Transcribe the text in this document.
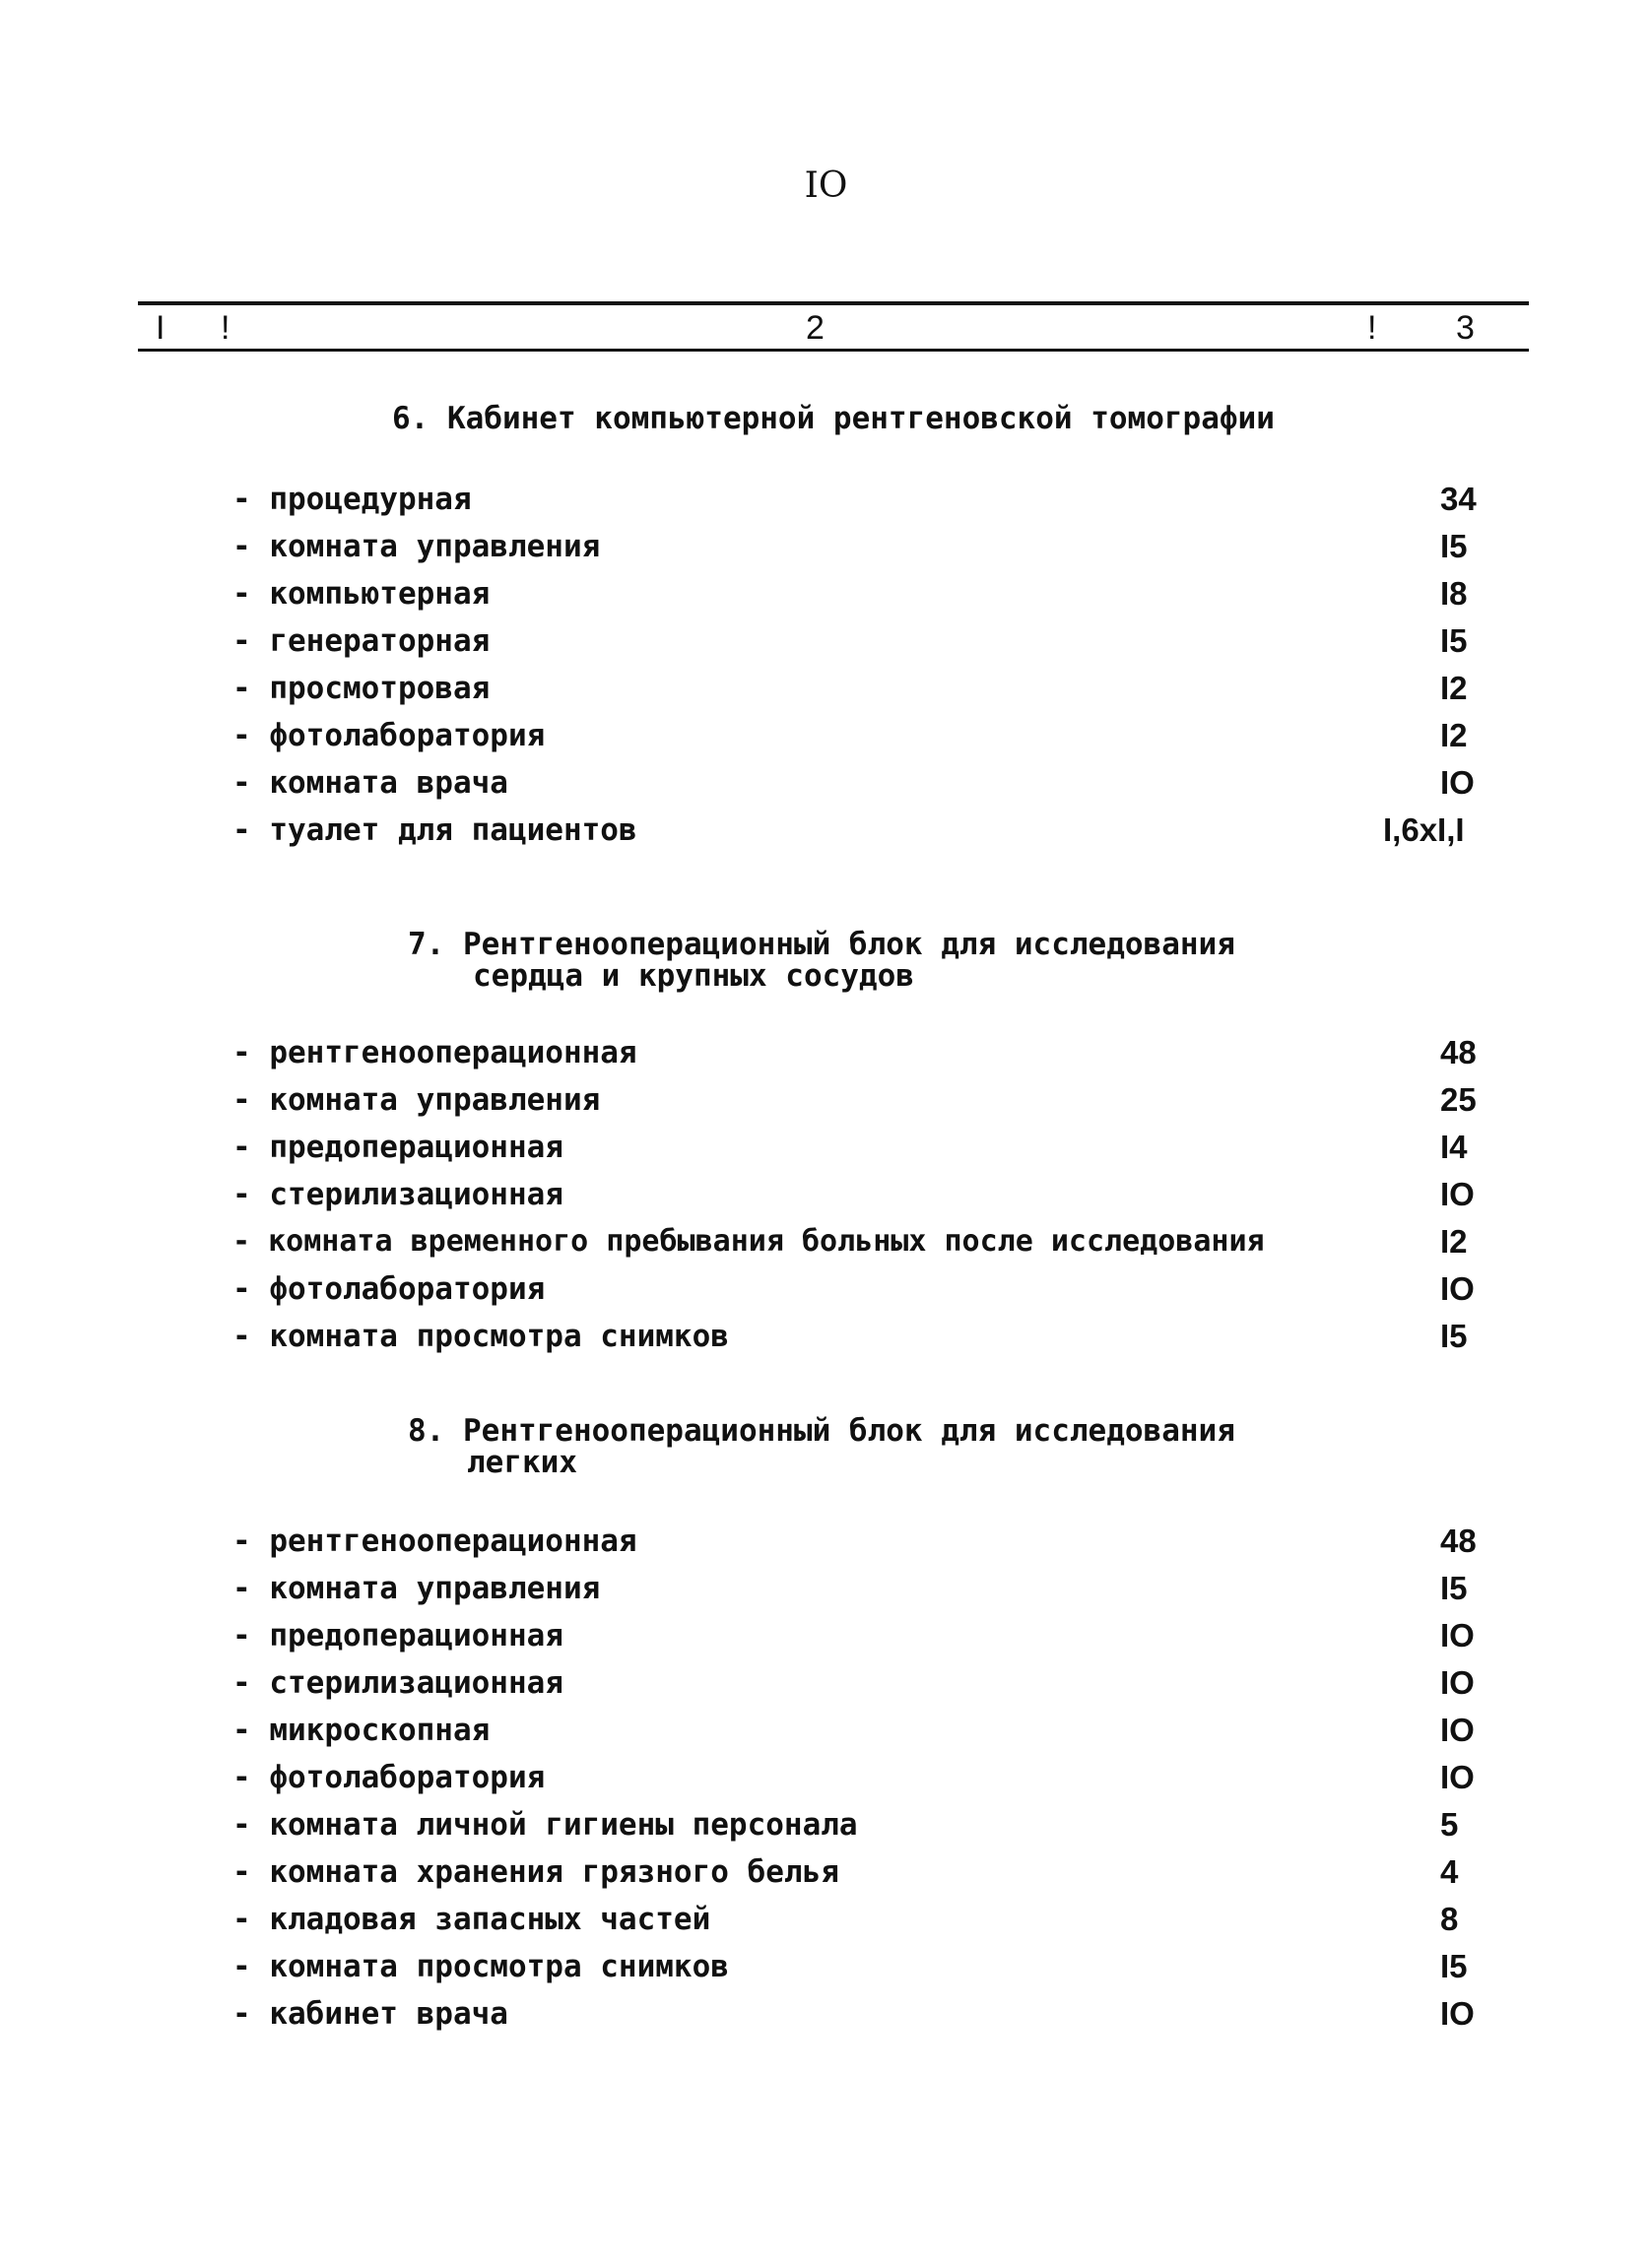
IO
I !	2	! 3
6. Кабинет компьютерной рентгеновской томографии
- процедурная	34
- комната управления	I5
- компьютерная	I8
- генераторная	I5
- просмотровая	I2
- фотолаборатория	I2
- комната врача	IO
- туалет для пациентов	I,6xI,I
7. Рентгенооперационный блок для исследования
сердца и крупных сосудов
- рентгенооперационная	48
- комната управления	25
- предоперационная	I4
- стерилизационная	IO
- комната временного пребывания больных после исследования	I2
- фотолаборатория	IO
- комната просмотра снимков	I5
8. Рентгенооперационный блок для исследования
легких
- рентгенооперационная	48
- комната управления	I5
- предоперационная	IO
- стерилизационная	IO
- микроскопная	IO
- фотолаборатория	IO
- комната личной гигиены персонала	5
- комната хранения грязного белья	4
- кладовая запасных частей	8
- комната просмотра снимков	I5
- кабинет врача	IO
